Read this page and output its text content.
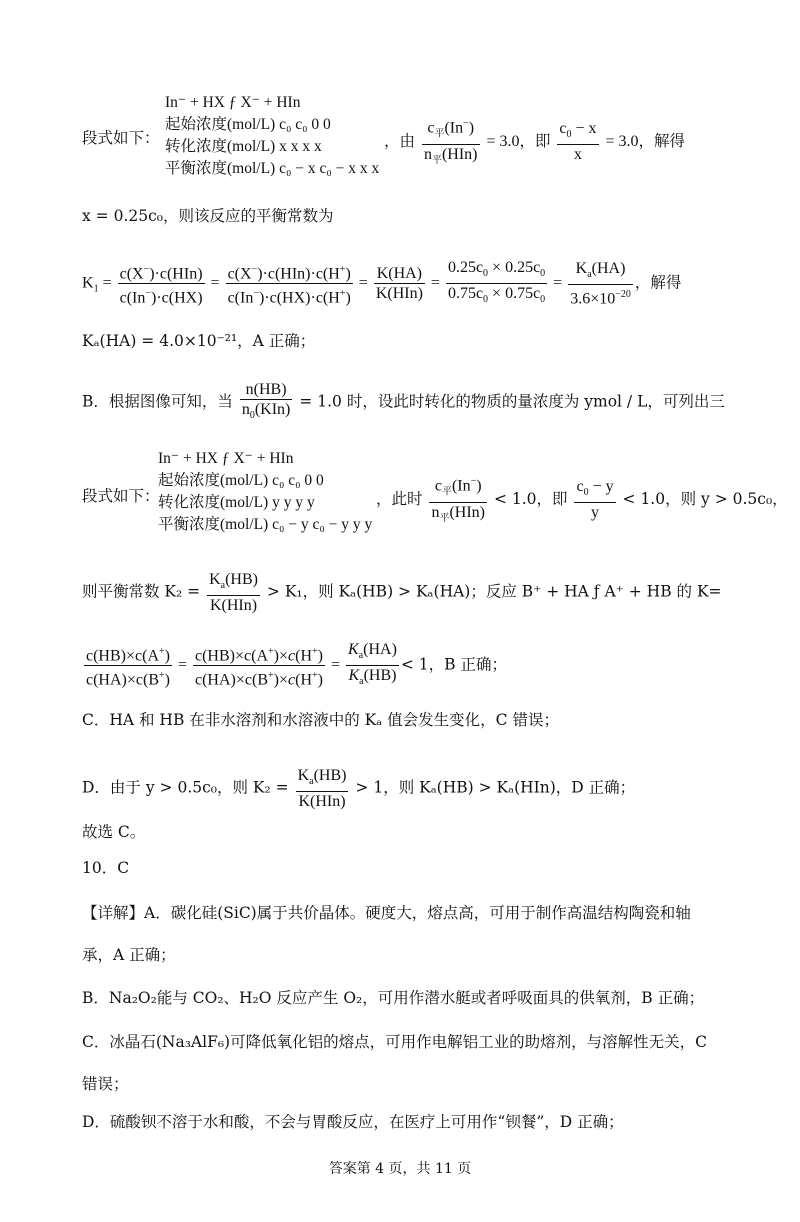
In⁻ + HX ƒ X⁻ + HIn
起始浓度(mol/L) c₀ c₀ 0 0
转化浓度(mol/L) x x x x
平衡浓度(mol/L) c₀ − x c₀ − x x x
段式如下：	，由 $\frac{c_平(In^-)}{n_平(HIn)} = 3.0$，即 $\frac{c_0 - x}{x} = 3.0$，解得
x = 0.25c₀，则该反应的平衡常数为
$K_1 = \frac{c(X^-)\cdot c(HIn)}{c(In^-)\cdot c(HX)} = \frac{c(X^-)\cdot c(HIn)\cdot c(H^+)}{c(In^-)\cdot c(HX)\cdot c(H^+)} = \frac{K(HA)}{\text{K(HIn)}} = \frac{0.25c_0 \times 0.25c_0}{0.75c_0 \times 0.75c_0} = \frac{K_a(HA)}{3.6\times 10^{-20}}$ ，解得
Kₐ(HA) = 4.0×10⁻²¹，A 正确；
B．根据图像可知，当 $\frac{n(HB)}{n_0(KIn)} = 1.0$ 时，设此时转化的物质的量浓度为 ymol / L，可列出三
In⁻ + HX ƒ X⁻ + HIn
起始浓度(mol/L) c₀ c₀ 0 0
转化浓度(mol/L) y y y y
平衡浓度(mol/L) c₀ − y c₀ − y y y
段式如下：	，此时 $\frac{c_平(In^-)}{n_平(HIn)} < 1.0$，即 $\frac{c_0 - y}{y} < 1.0$，则 y > 0.5c₀，
则平衡常数 $K_2 = \frac{K_a(HB)}{\text{K(HIn)}} > K_1$，则 Kₐ(HB) > Kₐ(HA)；反应 B⁺ + HA ƒ A⁺ + HB 的 K=
$\frac{c(HB)\times c(A^+)}{c(HA)\times c(B^+)} = \frac{c(HB)\times c(A^+)\times c(H^+)}{c(HA)\times c(B^+)\times c(H^+)} = \frac{K_a(HA)}{K_a(HB)} < 1$，B 正确；
C．HA 和 HB 在非水溶剂和水溶液中的 Kₐ 值会发生变化，C 错误；
D．由于 y > 0.5c₀，则 $K_2 = \frac{K_a(HB)}{\text{K(HIn)}} > 1$，则 Kₐ(HB) > Kₐ(HIn)，D 正确；
故选 C。
10．C
【详解】A．碳化硅(SiC)属于共价晶体。硬度大，熔点高，可用于制作高温结构陶瓷和轴
承，A 正确；
B．Na₂O₂能与 CO₂、H₂O 反应产生 O₂，可用作潜水艇或者呼吸面具的供氧剂，B 正确；
C．冰晶石(Na₃AlF₆)可降低氧化铝的熔点，可用作电解铝工业的助熔剂，与溶解性无关，C
错误；
D．硫酸钡不溶于水和酸，不会与胃酸反应，在医疗上可用作“钡餐”，D 正确；
答案第 4 页，共 11 页
